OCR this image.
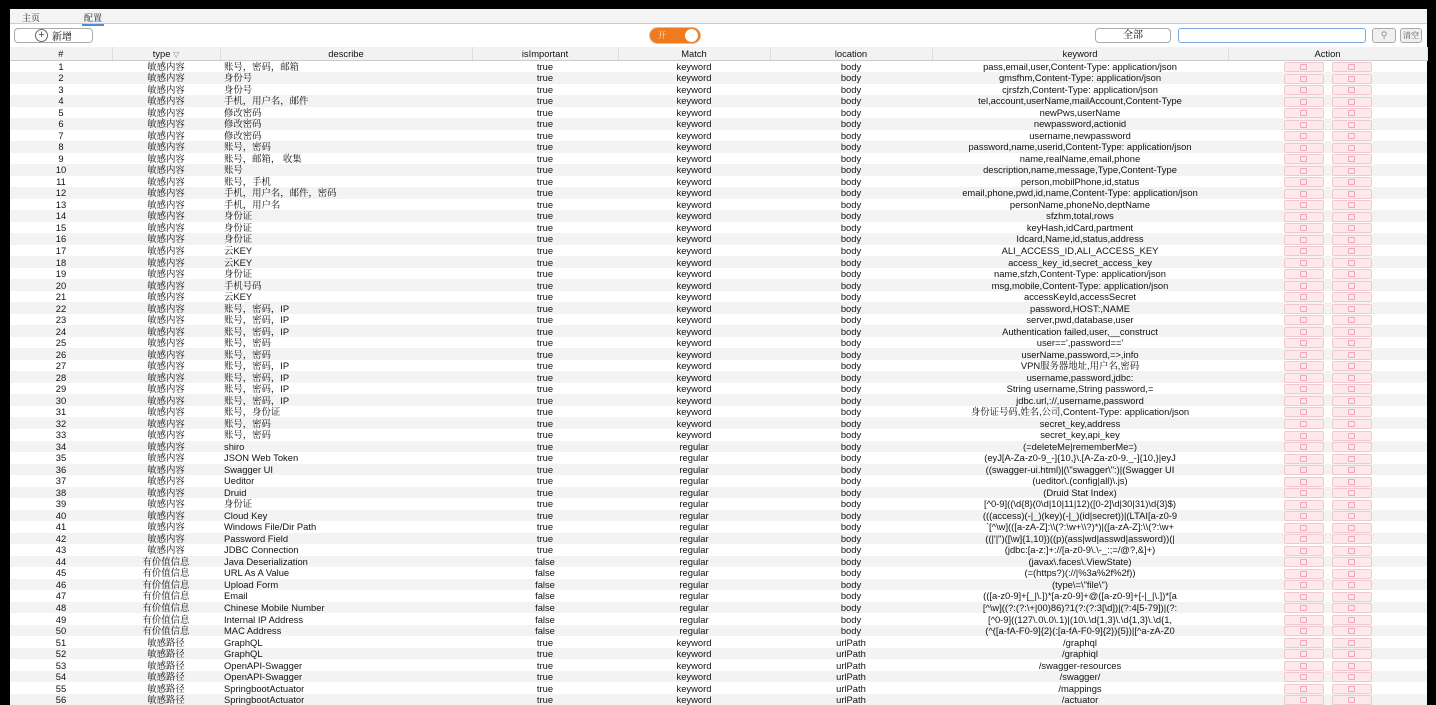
主页	配置
+ 新增	开	全部	⚲	清空
#	type ▽	describe	isImportant	Match	location	keyword	Action
1	敏感内容	账号，密码，邮箱	true	keyword	body	pass,email,user,Content-Type: application/json	

2	敏感内容	身份号	true	keyword	body	gmsfhm,Content-Type: application/json	

3	敏感内容	身份号	true	keyword	body	cjrsfzh,Content-Type: application/json	

4	敏感内容	手机，用户名，邮件	true	keyword	body	tel,account,userName,mailAccount,Content-Type	

5	敏感内容	修改密码	true	keyword	body	newPws,userName	

6	敏感内容	修改密码	true	keyword	body	newpassword,actionid	

7	敏感内容	修改密码	true	keyword	body	username,newpassword	

8	敏感内容	账号，密码	true	keyword	body	password,name,userid,Content-Type: application/json	

9	敏感内容	账号，邮箱， 收集	true	keyword	body	name,realName,email,phone	

10	敏感内容	账号	true	keyword	body	description,name,message,Type,Content-Type	

11	敏感内容	账号，手机	true	keyword	body	person,mobilPhone,id,status	

12	敏感内容	手机，用户名，邮件，密码	true	keyword	body	email,phone,pwd,id,name,Content-Type: application/json	

13	敏感内容	手机，用户名	true	keyword	body	personName,phoneNo,deptName	

14	敏感内容	身份证	true	keyword	body	sfzhm,total,rows	

15	敏感内容	身份证	true	keyword	body	keyHash,idCard,partment	

16	敏感内容	身份证	true	keyword	body	Idcard,Name,id,status,address	

17	敏感内容	云KEY	true	keyword	body	ALI_ACCESS_ID,ALI_ACCESS_KEY	

18	敏感内容	云KEY	true	keyword	body	access_key_id,secret_access_key	

19	敏感内容	身份证	true	keyword	body	name,sfzh,Content-Type: application/json	

20	敏感内容	手机号码	true	keyword	body	msg,mobile,Content-Type: application/json	

21	敏感内容	云KEY	true	keyword	body	accessKeyId,accessSecret	

22	敏感内容	账号，密码，IP	true	keyword	body	password,HOST:,NAME	

23	敏感内容	账号，密码，IP	true	keyword	body	server,pwd,database,user	

24	敏感内容	账号，密码，IP	true	keyword	body	Authentication failed,user,__construct	

25	敏感内容	账号，密码	true	keyword	body	user==',password=='	

26	敏感内容	账号，密码	true	keyword	body	userName,password,=>,info	

27	敏感内容	账号，密码，IP	true	keyword	body	VPN服务器地址,用户名,密码	

28	敏感内容	账号，密码，IP	true	keyword	body	username,password,jdbc:	

29	敏感内容	账号，密码，IP	true	keyword	body	String username,String password,=	

30	敏感内容	账号，密码，IP	true	keyword	body	jdbc.url,://,username,password	

31	敏感内容	账号，身份证	true	keyword	body	身份证号码,姓名,公司,Content-Type: application/json	

32	敏感内容	账号，密码	true	keyword	body	secret_key,address	

33	敏感内容	账号，密码	true	keyword	body	secret_key,api_key	

34	敏感内容	shiro	true	regular	body	(=deleteMe|rememberMe=)	

35	敏感内容	JSON Web Token	true	regular	body	(eyJ[A-Za-z0-9_-]{10,}\.[A-Za-z0-9._-]{10,}|eyJ	

36	敏感内容	Swagger UI	true	regular	body	((swagger-ui.html)|(\"swagger\":)|(Swagger UI	

37	敏感内容	Ueditor	true	regular	body	(ueditor\.(config|all)\.js)	

38	敏感内容	Druid	true	regular	body	(Druid Stat Index)	

39	敏感内容	身份证	true	regular	body	[^0-9]((\d{8}(0\d|10|11|12)([0-2]\d|30|31)\d{3}$)	

40	敏感内容	Cloud Key	true	regular	body	(((access)(-|_)(key)(-|_)(id|secret))|(LTAI[a-z0-9	

41	敏感内容	Windows File/Dir Path	true	regular	body	`[^\w](([a-zA-Z]:\\(?:\w+\\?)*)|([a-zA-Z]:\\(?:\w+	

42	敏感内容	Password Field	true	regular	body	((|'|")([\w]{1,10})((p)(ass|wd|asswd|assword))(|	

43	敏感内容	JDBC Connection	true	regular	body	(jdbc:[a-z:]+://[a-z0-9\.\-_:;=/@?,&]+)	

44	有价值信息	Java Deserialization	false	regular	body	(javax\.faces\.ViewState)	

45	有价值信息	URL As A Value	false	regular	body	(=(https?)(://|%3a%2f%2f))	

46	有价值信息	Upload Form	false	regular	body	(type\=\"file\")	

47	有价值信息	Email	false	regular	body	(([a-z0-9]+[_|\.])*[a-z0-9]+@([a-z0-9]+[-|_|\.])*[a	

48	有价值信息	Chinese Mobile Number	false	regular	body	[^\w]((?:(?:\+|00)86)?1(?:(?:3[\d])|(?:4[5-79])|(?:	

49	有价值信息	Internal IP Address	false	regular	body	[^0-9]((127\.0\.0\.1)|(10\.\d{1,3}\.\d{1,3}\.\d{1,	

50	有价值信息	MAC Address	false	regular	body	(^([a-fA-F0-9]{2}(:[a-fA-F0-9]{2}){5})|[^a-zA-Z0	

51	敏感路径	GraphQL	true	keyword	urlPath	/graphql	

52	敏感路径	GraphQL	true	keyword	urlPath	/graphiql	

53	敏感路径	OpenAPI-Swagger	true	keyword	urlPath	/swagger-resources	

54	敏感路径	OpenAPI-Swagger	true	keyword	urlPath	/swagger/	

55	敏感路径	SpringbootActuator	true	keyword	urlPath	/mappings	

56	敏感路径	SpringbootActuator	true	keyword	urlPath	/actuator	
